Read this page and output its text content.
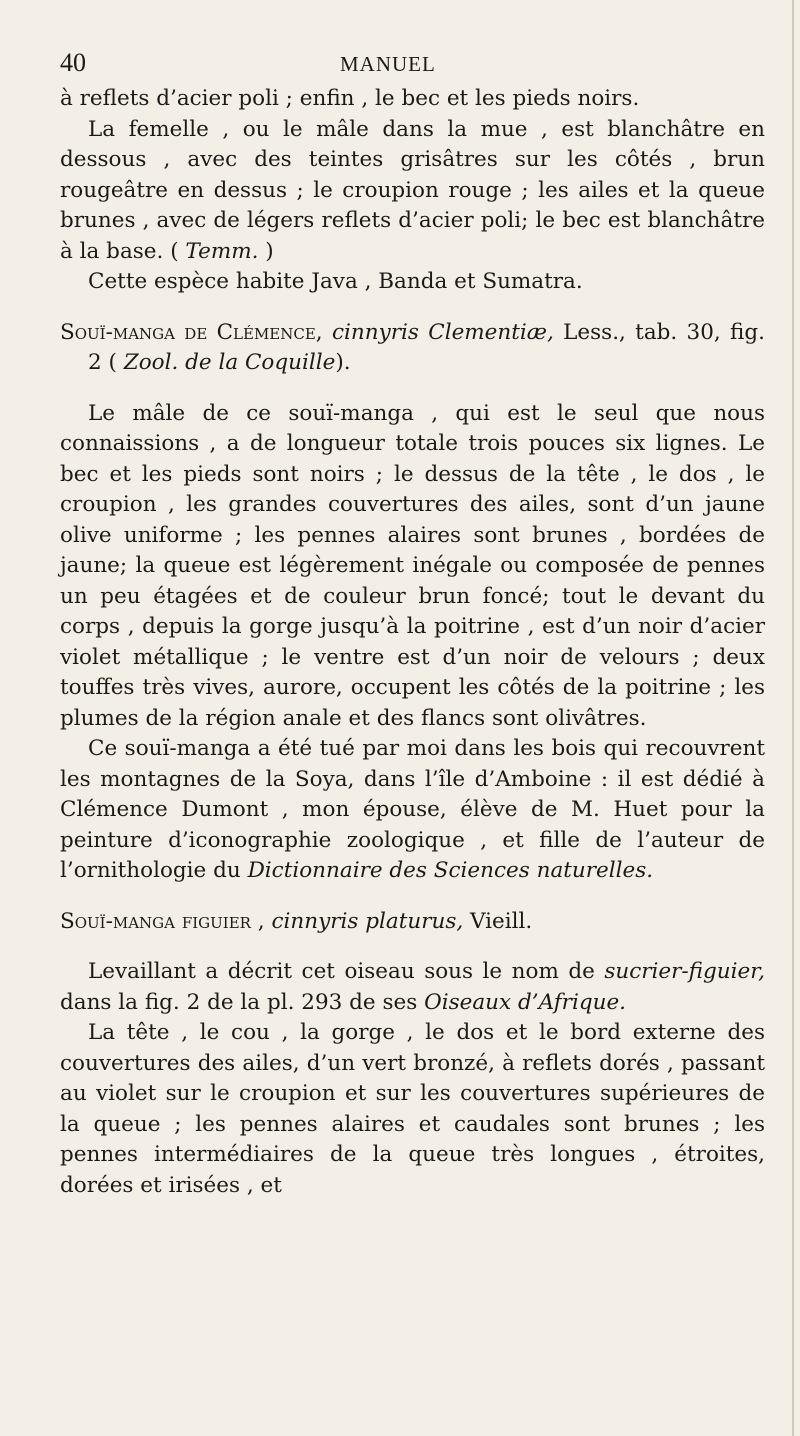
40	MANUEL

à reflets d’acier poli ; enfin , le bec et les pieds noirs.

La femelle , ou le mâle dans la mue , est blanchâtre en dessous , avec des teintes grisâtres sur les côtés , brun rougeâtre en dessus ; le croupion rouge ; les ailes et la queue brunes , avec de légers reflets d’acier poli; le bec est blanchâtre à la base. ( Temm. )

Cette espèce habite Java , Banda et Sumatra.

Souï-manga de Clémence, cinnyris Clementiæ, Less., tab. 30, fig. 2 ( Zool. de la Coquille).

Le mâle de ce souï-manga , qui est le seul que nous connaissions , a de longueur totale trois pouces six lignes. Le bec et les pieds sont noirs ; le dessus de la tête , le dos , le croupion , les grandes couvertures des ailes, sont d’un jaune olive uniforme ; les pennes alaires sont brunes , bordées de jaune; la queue est légèrement inégale ou composée de pennes un peu étagées et de couleur brun foncé; tout le devant du corps , depuis la gorge jusqu’à la poitrine , est d’un noir d’acier violet métallique ; le ventre est d’un noir de velours ; deux touffes très vives, aurore, occupent les côtés de la poitrine ; les plumes de la région anale et des flancs sont olivâtres.

Ce souï-manga a été tué par moi dans les bois qui recouvrent les montagnes de la Soya, dans l’île d’Amboine : il est dédié à Clémence Dumont , mon épouse, élève de M. Huet pour la peinture d’iconographie zoologique , et fille de l’auteur de l’ornithologie du Dictionnaire des Sciences naturelles.

Souï-manga figuier , cinnyris platurus, Vieill.

Levaillant a décrit cet oiseau sous le nom de sucrier-figuier, dans la fig. 2 de la pl. 293 de ses Oiseaux d’Afrique.

La tête , le cou , la gorge , le dos et le bord externe des couvertures des ailes, d’un vert bronzé, à reflets dorés , passant au violet sur le croupion et sur les couvertures supérieures de la queue ; les pennes alaires et caudales sont brunes ; les pennes intermédiaires de la queue très longues , étroites, dorées et irisées , et
